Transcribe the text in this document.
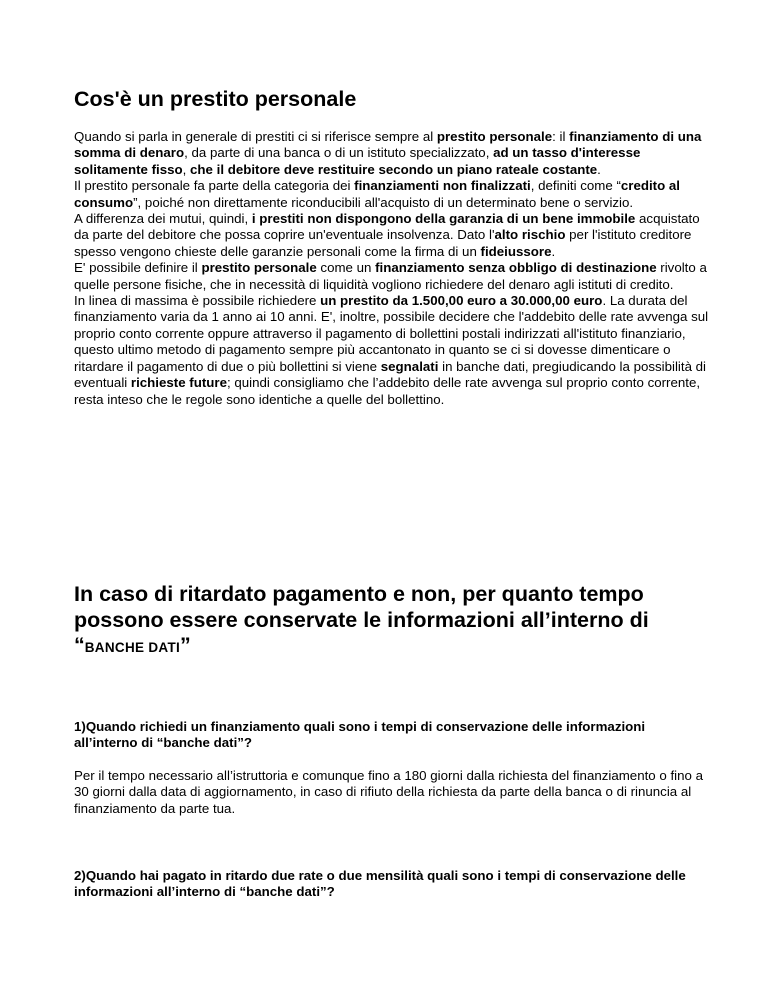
Cos'è un prestito personale

Quando si parla in generale di prestiti ci si riferisce sempre al prestito personale: il finanziamento di una somma di denaro, da parte di una banca o di un istituto specializzato, ad un tasso d'interesse solitamente fisso, che il debitore deve restituire secondo un piano rateale costante.

Il prestito personale fa parte della categoria dei finanziamenti non finalizzati, definiti come “credito al consumo”, poiché non direttamente riconducibili all'acquisto di un determinato bene o servizio.

A differenza dei mutui, quindi, i prestiti non dispongono della garanzia di un bene immobile acquistato da parte del debitore che possa coprire un'eventuale insolvenza. Dato l'alto rischio per l'istituto creditore spesso vengono chieste delle garanzie personali come la firma di un fideiussore.

E' possibile definire il prestito personale come un finanziamento senza obbligo di destinazione rivolto a quelle persone fisiche, che in necessità di liquidità vogliono richiedere del denaro agli istituti di credito.

In linea di massima è possibile richiedere un prestito da 1.500,00 euro a 30.000,00 euro. La durata del finanziamento varia da 1 anno ai 10 anni. E', inoltre, possibile decidere che l'addebito delle rate avvenga sul proprio conto corrente oppure attraverso il pagamento di bollettini postali indirizzati all'istituto finanziario, questo ultimo metodo di pagamento sempre più accantonato in quanto se ci si dovesse dimenticare o ritardare il pagamento di due o più bollettini si viene segnalati in banche dati, pregiudicando la possibilità di eventuali richieste future; quindi consigliamo che l’addebito delle rate avvenga sul proprio conto corrente, resta inteso che le regole sono identiche a quelle del bollettino.

In caso di ritardato pagamento e non, per quanto tempo possono essere conservate le informazioni all’interno di “BANCHE DATI”

1)Quando richiedi un finanziamento quali sono i tempi di conservazione delle informazioni all’interno di “banche dati”?

Per il tempo necessario all’istruttoria e comunque fino a 180 giorni dalla richiesta del finanziamento o fino a 30 giorni dalla data di aggiornamento, in caso di rifiuto della richiesta da parte della banca o di rinuncia al finanziamento da parte tua.

2)Quando hai pagato in ritardo due rate o due mensilità quali sono i tempi di conservazione delle informazioni all’interno di “banche dati”?
